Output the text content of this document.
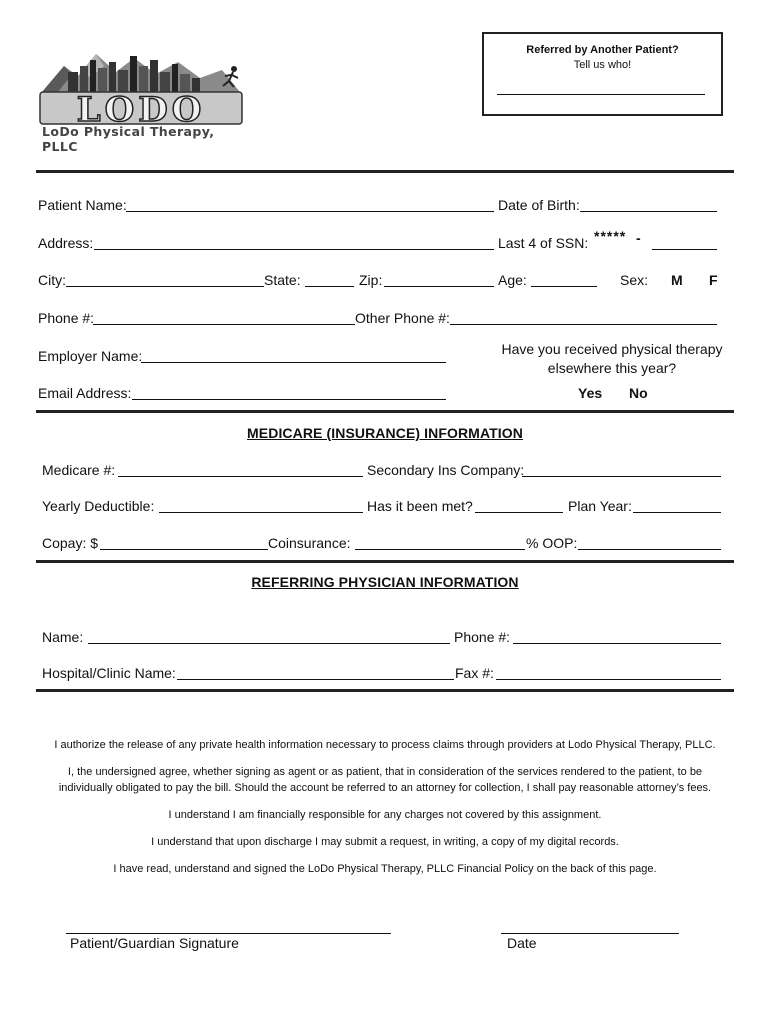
LODO
LoDo Physical Therapy, PLLC
Referred by Another Patient?
Tell us who!
Patient Name:	Date of Birth:
Address:	Last 4 of SSN: ***** -
City:	State:	Zip:	Age:	Sex: M F
Phone #:	Other Phone #:
Employer Name:	Have you received physical therapy
elsewhere this year?
Email Address:	Yes No
MEDICARE (INSURANCE) INFORMATION
Medicare #:	Secondary Ins Company:
Yearly Deductible:	Has it been met?	Plan Year:
Copay: $	Coinsurance:	% OOP:
REFERRING PHYSICIAN INFORMATION
Name:	Phone #:
Hospital/Clinic Name:	Fax #:
I authorize the release of any private health information necessary to process claims through providers at Lodo Physical Therapy, PLLC.
I, the undersigned agree, whether signing as agent or as patient, that in consideration of the services rendered to the patient, to be
individually obligated to pay the bill. Should the account be referred to an attorney for collection, I shall pay reasonable attorney’s fees.
I understand I am financially responsible for any charges not covered by this assignment.
I understand that upon discharge I may submit a request, in writing, a copy of my digital records.
I have read, understand and signed the LoDo Physical Therapy, PLLC Financial Policy on the back of this page.
Patient/Guardian Signature	Date
